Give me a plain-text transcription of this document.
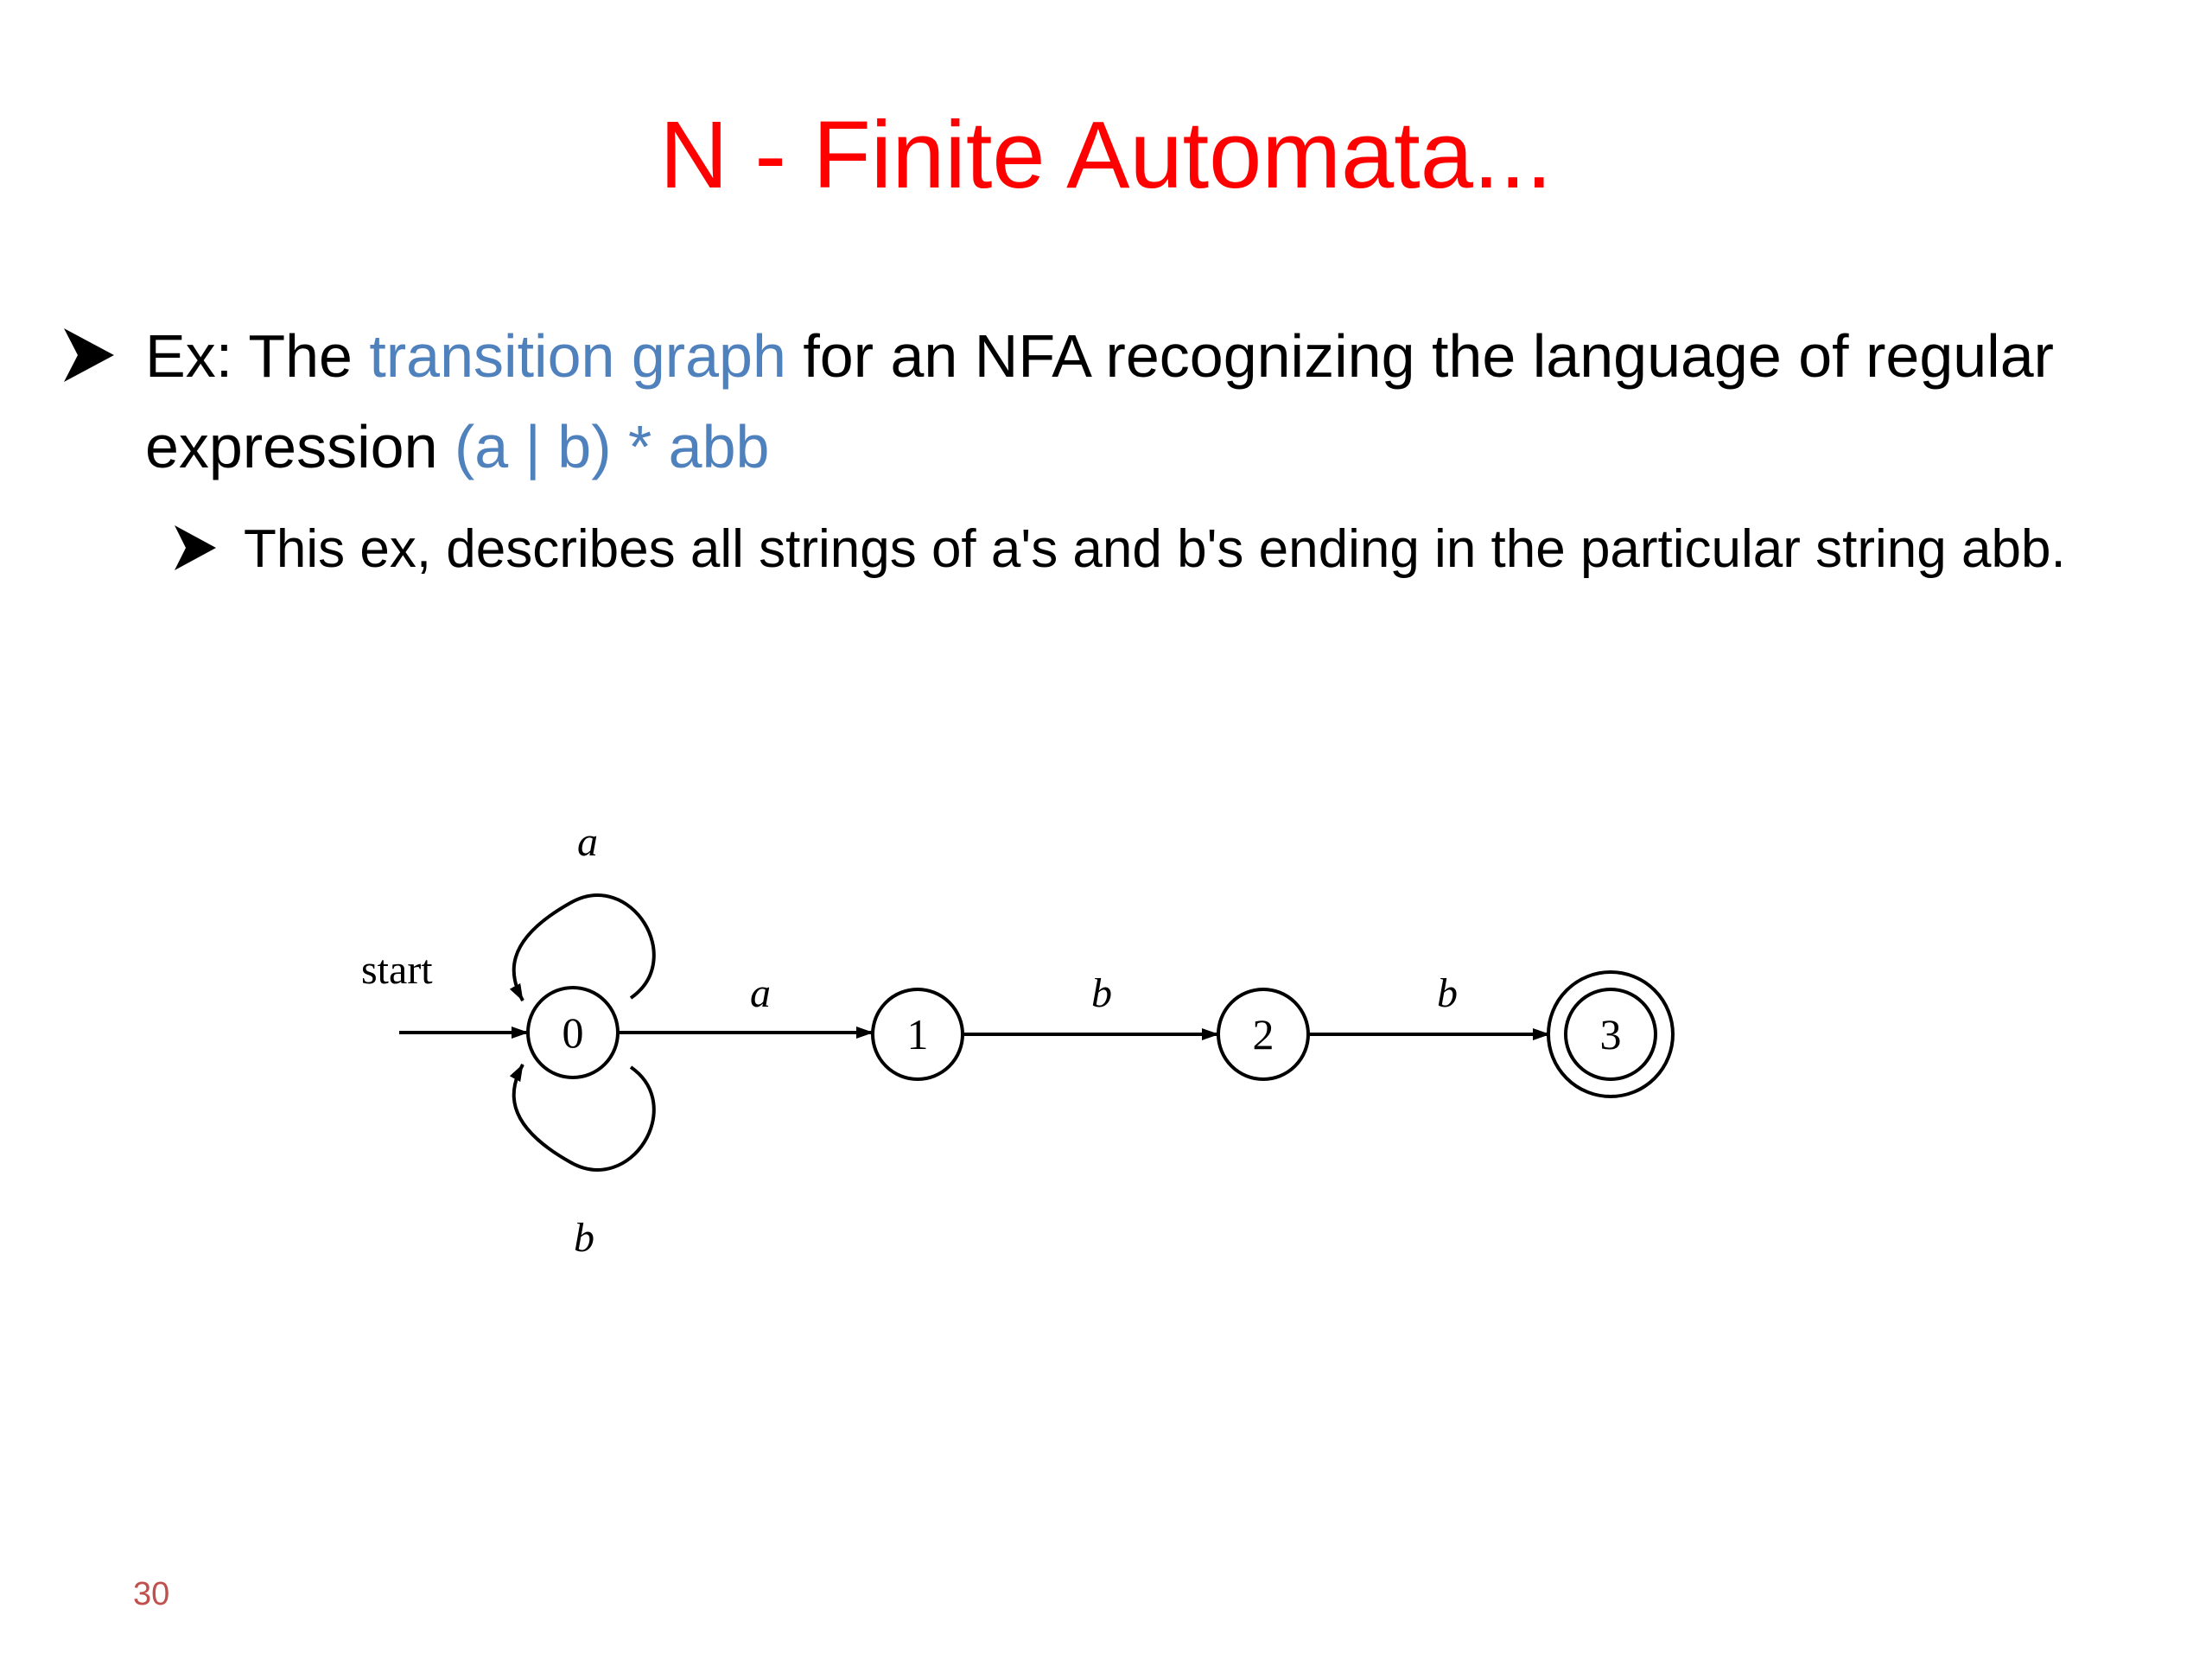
N - Finite Automata...
Ex: The transition graph for an NFA recognizing the language of regular expression (a | b) * abb
This ex, describes all strings of a's and b's ending in the particular string abb.
start
a
b
0
a
1
b
2
b
3
30
